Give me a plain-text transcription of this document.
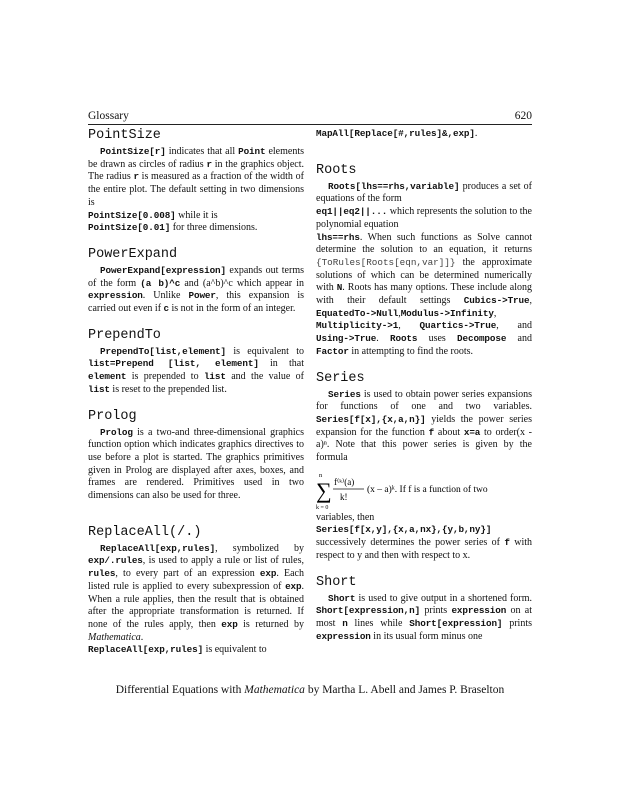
Glossary	620
PointSize

PointSize[r] indicates that all Point elements be drawn as circles of radius r in the graphics object. The radius r is measured as a fraction of the width of the entire plot. The default setting in two dimensions is

PointSize[0.008] while it is

PointSize[0.01] for three dimensions.

PowerExpand

PowerExpand[expression] expands out terms of the form (a b)^c and (a^b)^c which appear in expression. Unlike Power, this expansion is carried out even if c is not in the form of an integer.

PrependTo

PrependTo[list,element] is equivalent to list=Prepend [list, element] in that element is prepended to list and the value of list is reset to the prepended list.

Prolog

Prolog is a two-and three-dimensional graphics function option which indicates graphics directives to use before a plot is started. The graphics primitives given in Prolog are displayed after axes, boxes, and frames are rendered. Primitives used in two dimensions can also be used for three.

ReplaceAll(/.)

ReplaceAll[exp,rules], symbolized by exp/.rules, is used to apply a rule or list of rules, rules, to every part of an expression exp. Each listed rule is applied to every subexpression of exp. When a rule applies, then the result that is obtained after the appropriate transformation is returned. If none of the rules apply, then exp is returned by Mathematica.

ReplaceAll[exp,rules] is equivalent to

MapAll[Replace[#,rules]&,exp].

Roots

Roots[lhs==rhs,variable] produces a set of equations of the form

eq1||eq2||... which represents the solution to the polynomial equation

lhs==rhs. When such functions as Solve cannot determine the solution to an equation, it returns {ToRules[Roots[eqn,var]]} the approximate solutions of which can be determined numerically with N. Roots has many options. These include along with their default settings Cubics->True, EquatedTo->Null,Modulus->Infinity, Multiplicity->1, Quartics->True, and Using->True. Roots uses Decompose and Factor in attempting to find the roots.

Series

Series is used to obtain power series expansions for functions of one and two variables. Series[f[x],{x,a,n}] yields the power series expansion for the function f about x=a to order(x - a)ⁿ. Note that this power series is given by the formula

n
∑
k = 0
f⁽ᵏ⁾(a)
k!
(x – a)ᵏ. If f is a function of two

variables, then

Series[f[x,y],{x,a,nx},{y,b,ny}] successively determines the power series of f with respect to y and then with respect to x.

Short

Short is used to give output in a shortened form. Short[expression,n] prints expression on at most n lines while Short[expression] prints expression in its usual form minus one

Differential Equations with Mathematica by Martha L. Abell and James P. Braselton
